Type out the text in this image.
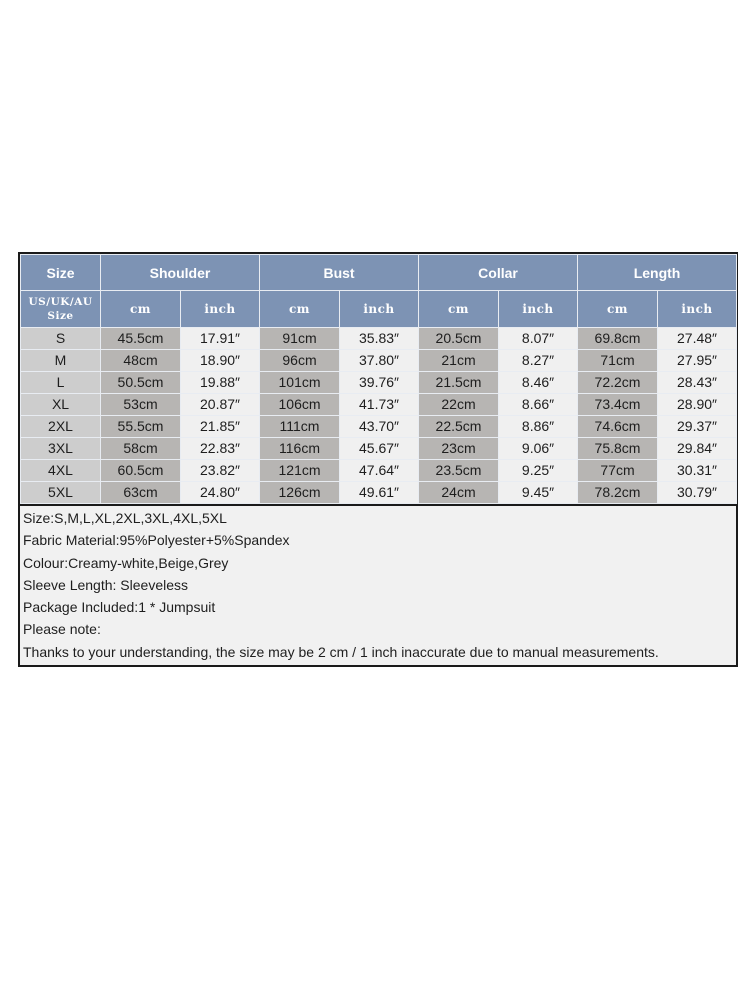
Size	Shoulder		Bust		Collar		Length	

US/UK/AU
Size	cm	inch	cm	inch	cm	inch	cm	inch
S	45.5cm	17.91″	91cm	35.83″	20.5cm	8.07″	69.8cm	27.48″
M	48cm	18.90″	96cm	37.80″	21cm	8.27″	71cm	27.95″
L	50.5cm	19.88″	101cm	39.76″	21.5cm	8.46″	72.2cm	28.43″
XL	53cm	20.87″	106cm	41.73″	22cm	8.66″	73.4cm	28.90″
2XL	55.5cm	21.85″	111cm	43.70″	22.5cm	8.86″	74.6cm	29.37″
3XL	58cm	22.83″	116cm	45.67″	23cm	9.06″	75.8cm	29.84″
4XL	60.5cm	23.82″	121cm	47.64″	23.5cm	9.25″	77cm	30.31″
5XL	63cm	24.80″	126cm	49.61″	24cm	9.45″	78.2cm	30.79″
Size:S,M,L,XL,2XL,3XL,4XL,5XL
Fabric Material:95%Polyester+5%Spandex
Colour:Creamy-white,Beige,Grey
Sleeve Length: Sleeveless
Package Included:1 * Jumpsuit
Please note:
Thanks to your understanding, the size may be 2 cm / 1 inch inaccurate due to manual measurements.
